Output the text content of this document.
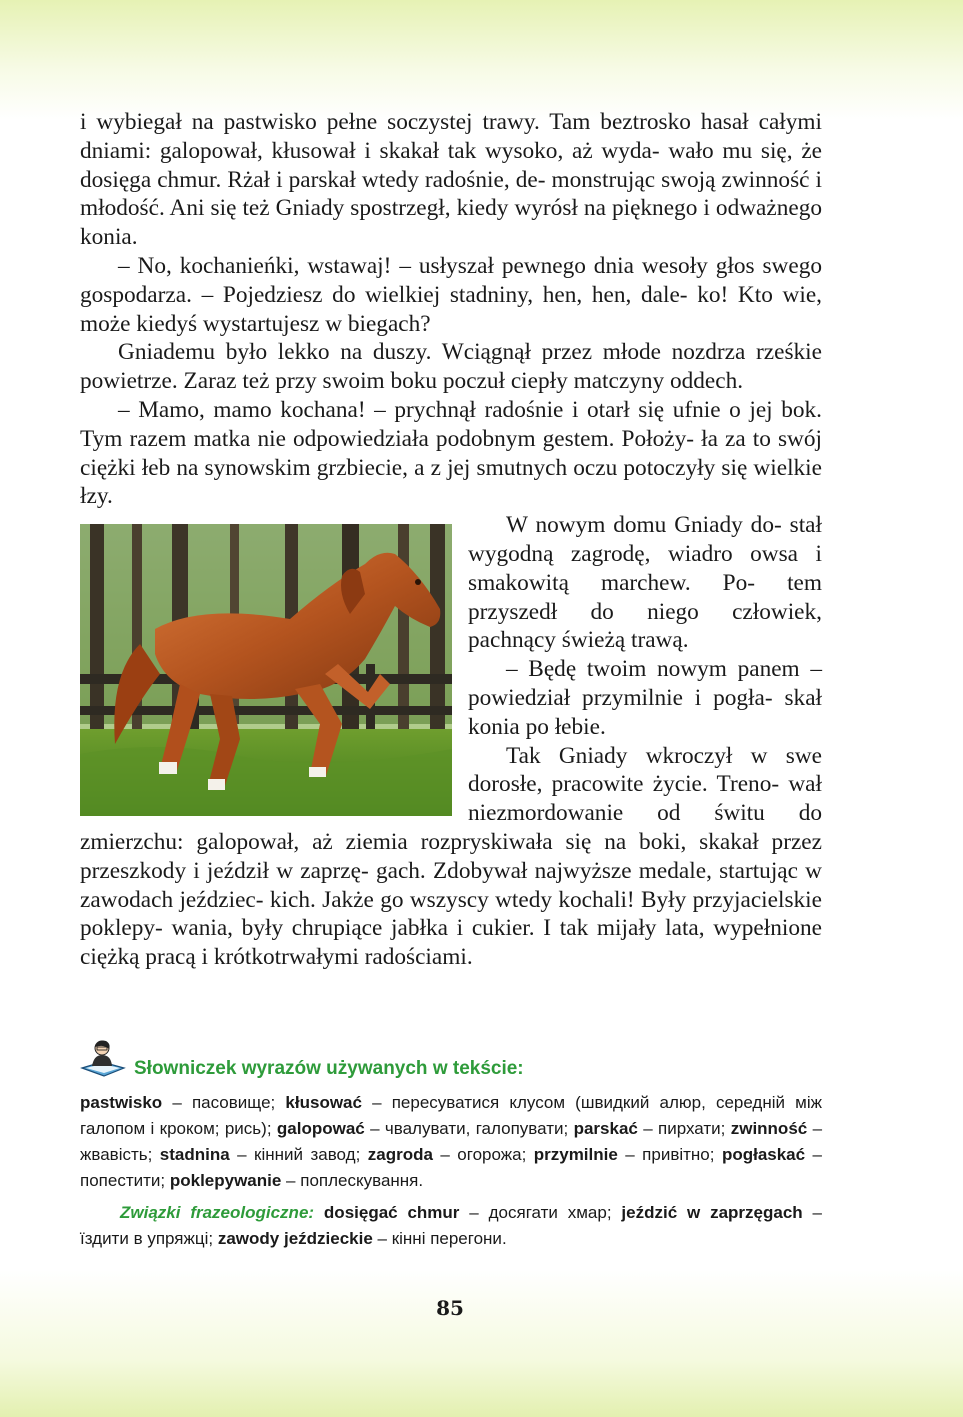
i wybiegał na pastwisko pełne soczystej trawy. Tam beztrosko hasał całymi dniami: galopował, kłusował i skakał tak wysoko, aż wyda- wało mu się, że dosięga chmur. Rżał i parskał wtedy radośnie, de- monstrując swoją zwinność i młodość. Ani się też Gniady spostrzegł, kiedy wyrósł na pięknego i odważnego konia.

– No, kochanieńki, wstawaj! – usłyszał pewnego dnia wesoły głos swego gospodarza. – Pojedziesz do wielkiej stadniny, hen, hen, dale- ko! Kto wie, może kiedyś wystartujesz w biegach?

Gniademu było lekko na duszy. Wciągnął przez młode nozdrza rześkie powietrze. Zaraz też przy swoim boku poczuł ciepły matczyny oddech.

– Mamo, mamo kochana! – prychnął radośnie i otarł się ufnie o jej bok. Tym razem matka nie odpowiedziała podobnym gestem. Położy- ła za to swój ciężki łeb na synowskim grzbiecie, a z jej smutnych oczu potoczyły się wielkie łzy.

W nowym domu Gniady do- stał wygodną zagrodę, wiadro owsa i smakowitą marchew. Po- tem przyszedł do niego człowiek, pachnący świeżą trawą.

– Będę twoim nowym panem – powiedział przymilnie i pogła- skał konia po łebie.

Tak Gniady wkroczył w swe dorosłe, pracowite życie. Treno- wał niezmordowanie od świtu do zmierzchu: galopował, aż ziemia rozpryskiwała się na boki, skakał przez przeszkody i jeździł w zaprzę- gach. Zdobywał najwyższe medale, startując w zawodach jeździec- kich. Jakże go wszyscy wtedy kochali! Były przyjacielskie poklepy- wania, były chrupiące jabłka i cukier. I tak mijały lata, wypełnione ciężką pracą i krótkotrwałymi radościami.

Słowniczek wyrazów używanych w tekście:

pastwisko – пасовище; kłusować – пересуватися клусом (швидкий алюр, середній між галопом і кроком; рись); galopować – чвалувати, галопувати; parskać – пирхати; zwinność – жвавість; stadnina – кінний завод; zagroda – огорожа; przymilnie – привітно; pogłaskać – попестити; poklepywanie – поплескування.

Związki frazeologiczne: dosięgać chmur – досягати хмар; jeździć w zaprzęgach – їздити в упряжці; zawody jeździeckie – кінні перегони.

85
